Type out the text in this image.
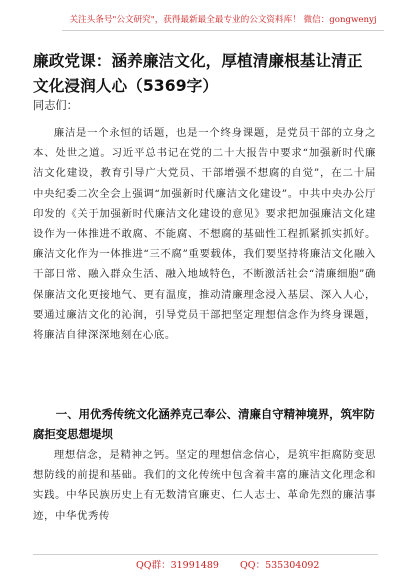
关注头条号"公文研究"，获得最新最全最专业的公文资料库！ 微信：gongwenyj
廉政党课：涵养廉洁文化，厚植清廉根基让清正文化浸润人心（5369字）
同志们：

廉洁是一个永恒的话题，也是一个终身课题，是党员干部的立身之本、处世之道。习近平总书记在党的二十大报告中要求“加强新时代廉洁文化建设，教育引导广大党员、干部增强不想腐的自觉”，在二十届中央纪委二次全会上强调“加强新时代廉洁文化建设”。中共中央办公厅印发的《关于加强新时代廉洁文化建设的意见》要求把加强廉洁文化建设作为一体推进不敢腐、不能腐、不想腐的基础性工程抓紧抓实抓好。廉洁文化作为一体推进“三不腐”重要载体，我们要坚持将廉洁文化融入干部日常、融入群众生活、融入地域特色，不断激活社会“清廉细胞”确保廉洁文化更接地气、更有温度，推动清廉理念浸入基层、深入人心，要通过廉洁文化的沁润，引导党员干部把坚定理想信念作为终身课题，将廉洁自律深深地刻在心底。

一、用优秀传统文化涵养克己奉公、清廉自守精神境界，筑牢防腐拒变思想堤坝

理想信念，是精神之钙。坚定的理想信念信心，是筑牢拒腐防变思想防线的前提和基础。我们的文化传统中包含着丰富的廉洁文化理念和实践。中华民族历史上有无数清官廉吏、仁人志士、革命先烈的廉洁事迹，中华优秀传

QQ群：31991489 QQ：535304092
